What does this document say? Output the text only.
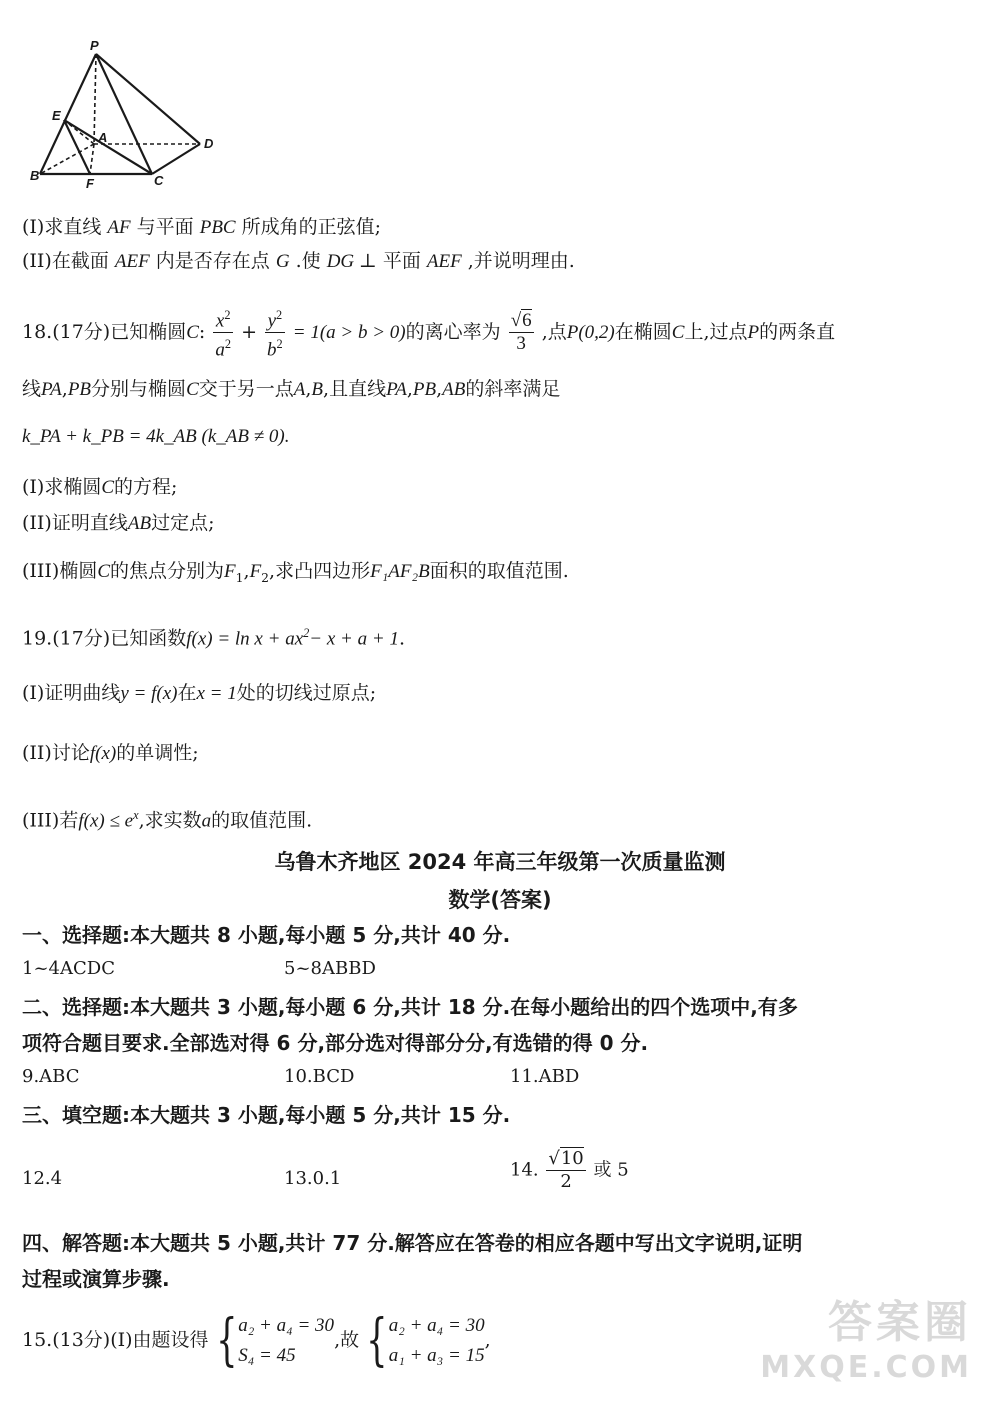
P
E
A	D
B
F	C
(I)求直线 AF 与平面 PBC 所成角的正弦值;
(II)在截面 AEF 内是否存在点 G .使 DG ⊥ 平面 AEF ,并说明理由.
18.(17分)已知椭圆C: $\frac{x^2}{a^2} + \frac{y^2}{b^2} = 1(a > b > 0)$的离心率为 $\frac{√6}{3}$ ,点P(0,2)在椭圆C上,过点P的两条直
线PA,PB分别与椭圆C交于另一点A,B,且直线PA,PB,AB的斜率满足
k_PA + k_PB = 4k_AB (k_AB ≠ 0).
(I)求椭圆C的方程;
(II)证明直线AB过定点;
(III)椭圆C的焦点分别为$F_1,F_2$,求凸四边形F₁AF₂B面积的取值范围.
19.(17分)已知函数$f(x) = \ln x + ax^2- x + a + 1$.
(I)证明曲线y = f(x)在x = 1处的切线过原点;
(II)讨论f(x)的单调性;
(III)若$f(x) \le e^x$,求实数a的取值范围.
乌鲁木齐地区 2024 年高三年级第一次质量监测
数学(答案)
一、选择题:本大题共 8 小题,每小题 5 分,共计 40 分.
1~4ACDC	5~8ABBD
二、选择题:本大题共 3 小题,每小题 6 分,共计 18 分.在每小题给出的四个选项中,有多
项符合题目要求.全部选对得 6 分,部分选对得部分分,有选错的得 0 分.
9.ABC	10.BCD	11.ABD
三、填空题:本大题共 3 小题,每小题 5 分,共计 15 分.
12.4	13.0.1	14. $\frac{√10}{2}$ 或 5
四、解答题:本大题共 5 小题,共计 77 分.解答应在答卷的相应各题中写出文字说明,证明
过程或演算步骤.
15.(13分)(I)由题设得 { a₂ + a₄ = 30
S₄ = 45
,故 { a₂ + a₄ = 30
a₁ + a₃ = 15
,	答案圈
MXQE.COM
